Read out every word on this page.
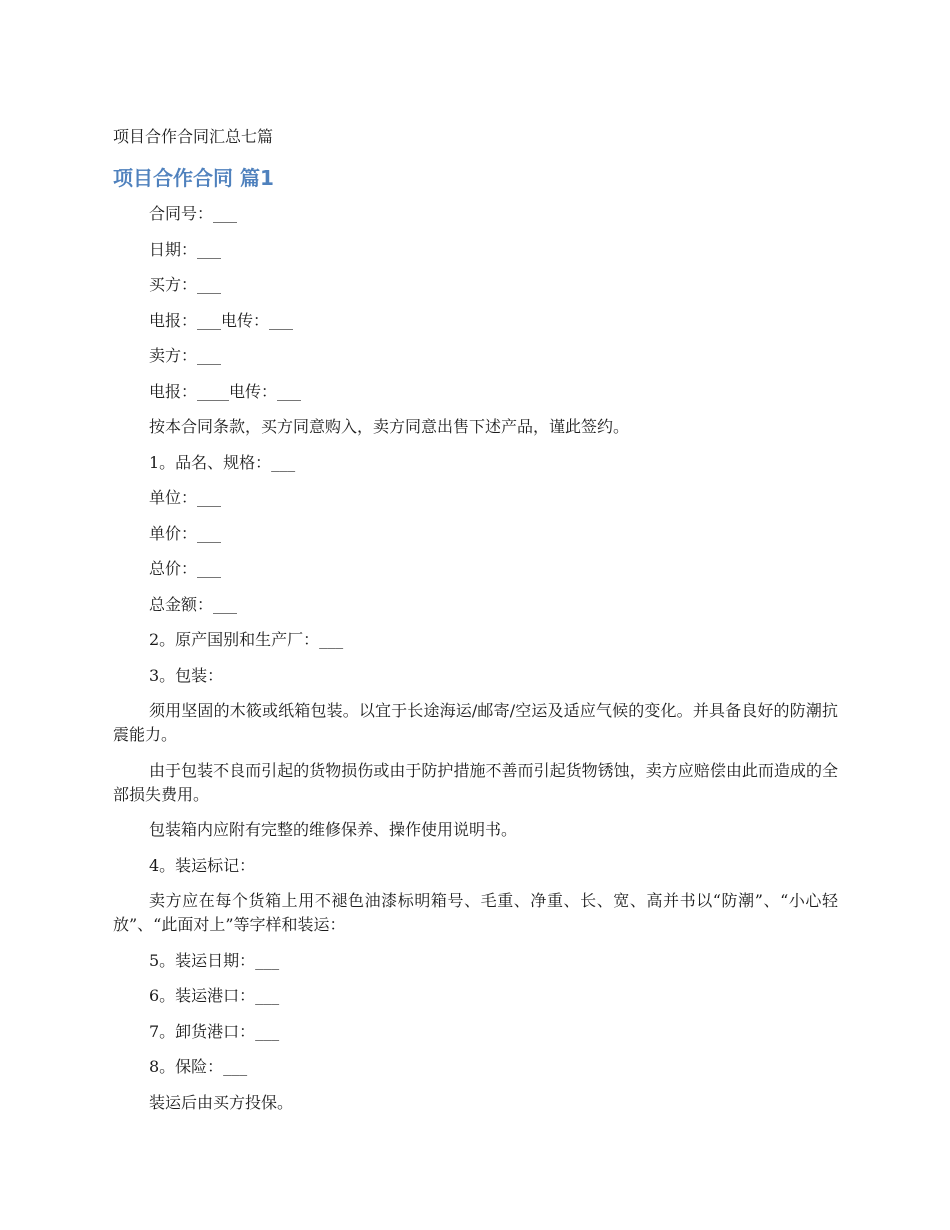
项目合作合同汇总七篇
项目合作合同 篇1

合同号：___

日期：___

买方：___

电报：___电传：___

卖方：___

电报：____电传：___

按本合同条款，买方同意购入，卖方同意出售下述产品，谨此签约。

1。品名、规格：___

单位：___

单价：___

总价：___

总金额：___

2。原产国别和生产厂：___

3。包装：

须用坚固的木筱或纸箱包装。以宜于长途海运/邮寄/空运及适应气候的变化。并具备良好的防潮抗震能力。

由于包装不良而引起的货物损伤或由于防护措施不善而引起货物锈蚀，卖方应赔偿由此而造成的全部损失费用。

包装箱内应附有完整的维修保养、操作使用说明书。

4。装运标记：

卖方应在每个货箱上用不褪色油漆标明箱号、毛重、净重、长、宽、高并书以“防潮”、“小心轻放”、“此面对上”等字样和装运：

5。装运日期：___

6。装运港口：___

7。卸货港口：___

8。保险：___

装运后由买方投保。
